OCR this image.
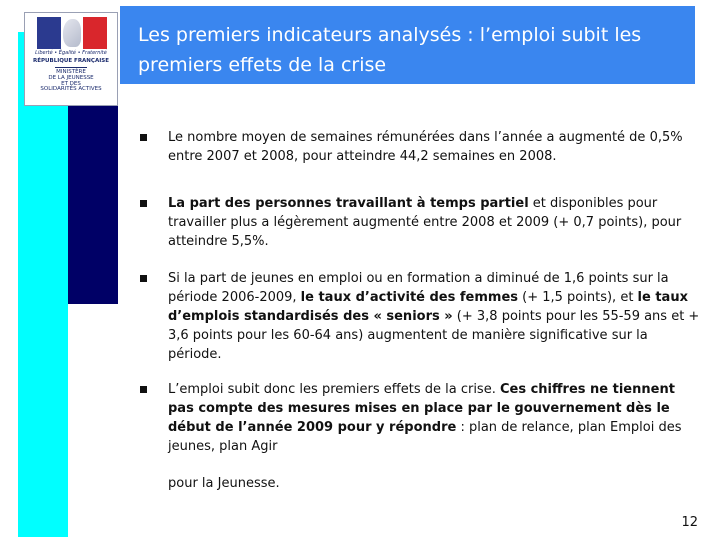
Liberté • Égalité • Fraternité
RÉPUBLIQUE FRANÇAISE
MINISTÈRE
DE LA JEUNESSE
ET DES
SOLIDARITÉS ACTIVES
Les premiers indicateurs analysés : l’emploi subit les
premiers effets de la crise
Le nombre moyen de semaines rémunérées dans l’année a augmenté de 0,5% entre 2007 et 2008, pour atteindre 44,2 semaines en 2008.
La part des personnes travaillant à temps partiel et disponibles pour travailler plus a légèrement augmenté entre 2008 et 2009 (+ 0,7 points), pour atteindre 5,5%.
Si la part de jeunes en emploi ou en formation a diminué de 1,6 points sur la période 2006-2009, le taux d’activité des femmes (+ 1,5 points), et le taux d’emplois standardisés des « seniors » (+ 3,8 points pour les 55-59 ans et + 3,6 points pour les 60-64 ans) augmentent de manière significative sur la période.
L’emploi subit donc les premiers effets de la crise. Ces chiffres ne tiennent pas compte des mesures mises en place par le gouvernement dès le début de l’année 2009 pour y répondre : plan de relance, plan Emploi des jeunes, plan Agir
pour la Jeunesse.
12
